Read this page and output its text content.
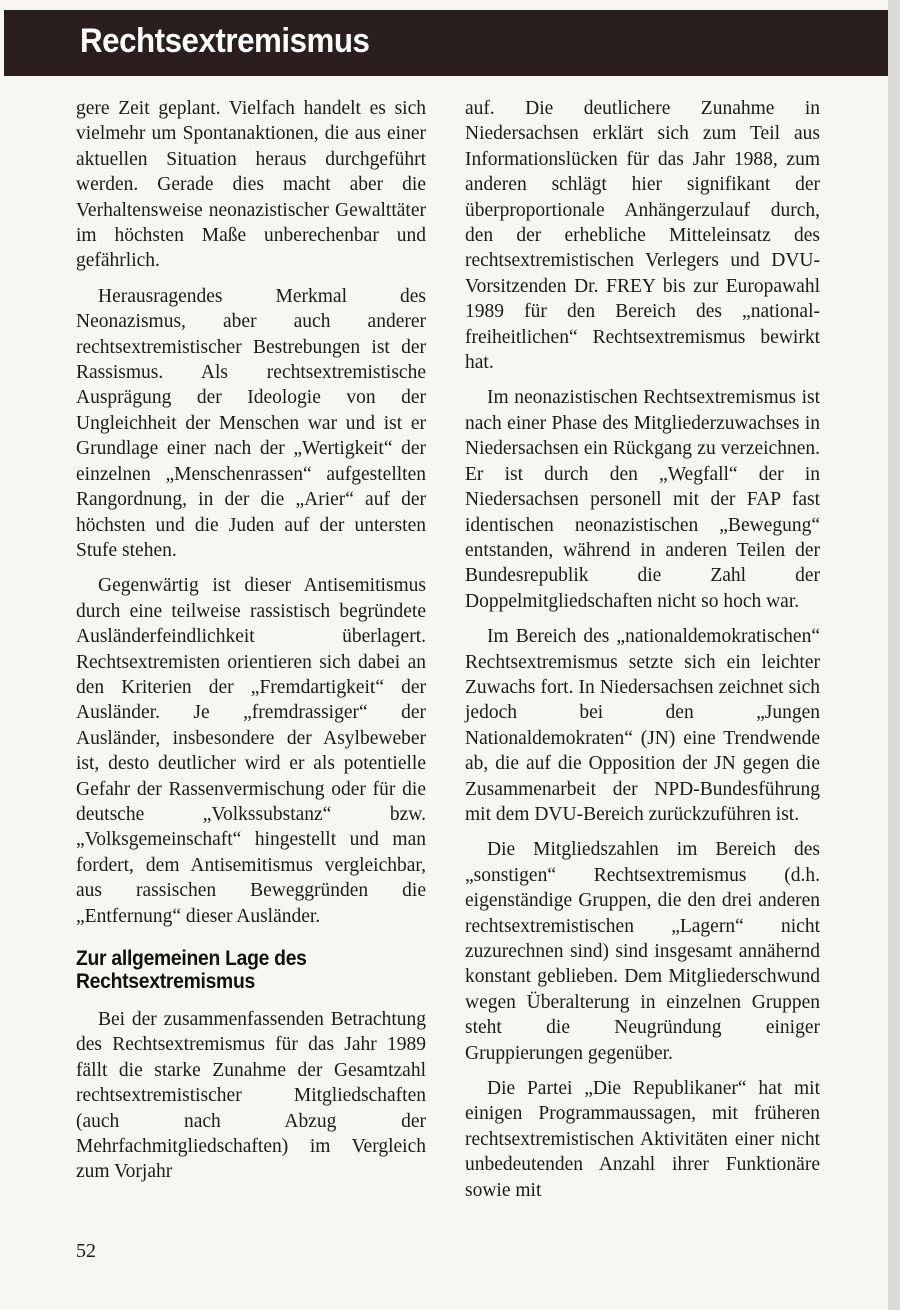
Rechtsextremismus

gere Zeit geplant. Vielfach handelt es sich vielmehr um Spontanaktionen, die aus einer aktuellen Situation heraus durchgeführt werden. Gerade dies macht aber die Verhaltensweise neonazistischer Gewalttäter im höchsten Maße unberechenbar und gefährlich.

Herausragendes Merkmal des Neonazismus, aber auch anderer rechtsextremistischer Bestrebungen ist der Rassismus. Als rechtsextremistische Ausprägung der Ideologie von der Ungleichheit der Menschen war und ist er Grundlage einer nach der „Wertigkeit“ der einzelnen „Menschenrassen“ aufgestellten Rangordnung, in der die „Arier“ auf der höchsten und die Juden auf der untersten Stufe stehen.

Gegenwärtig ist dieser Antisemitismus durch eine teilweise rassistisch begründete Ausländerfeindlichkeit überlagert. Rechtsextremisten orientieren sich dabei an den Kriterien der „Fremdartigkeit“ der Ausländer. Je „fremdrassiger“ der Ausländer, insbesondere der Asylbeweber ist, desto deutlicher wird er als potentielle Gefahr der Rassenvermischung oder für die deutsche „Volkssubstanz“ bzw. „Volksgemeinschaft“ hingestellt und man fordert, dem Antisemitismus vergleichbar, aus rassischen Beweggründen die „Entfernung“ dieser Ausländer.

Zur allgemeinen Lage des Rechtsextremismus

Bei der zusammenfassenden Betrachtung des Rechtsextremismus für das Jahr 1989 fällt die starke Zunahme der Gesamtzahl rechtsextremistischer Mitgliedschaften (auch nach Abzug der Mehrfachmitgliedschaften) im Vergleich zum Vorjahr

auf. Die deutlichere Zunahme in Niedersachsen erklärt sich zum Teil aus Informationslücken für das Jahr 1988, zum anderen schlägt hier signifikant der überproportionale Anhängerzulauf durch, den der erhebliche Mitteleinsatz des rechtsextremistischen Verlegers und DVU-Vorsitzenden Dr. FREY bis zur Europawahl 1989 für den Bereich des „national-freiheitlichen“ Rechtsextremismus bewirkt hat.

Im neonazistischen Rechtsextremismus ist nach einer Phase des Mitgliederzuwachses in Niedersachsen ein Rückgang zu verzeichnen. Er ist durch den „Wegfall“ der in Niedersachsen personell mit der FAP fast identischen neonazistischen „Bewegung“ entstanden, während in anderen Teilen der Bundesrepublik die Zahl der Doppelmitgliedschaften nicht so hoch war.

Im Bereich des „nationaldemokratischen“ Rechtsextremismus setzte sich ein leichter Zuwachs fort. In Niedersachsen zeichnet sich jedoch bei den „Jungen Nationaldemokraten“ (JN) eine Trendwende ab, die auf die Opposition der JN gegen die Zusammenarbeit der NPD-Bundesführung mit dem DVU-Bereich zurückzuführen ist.

Die Mitgliedszahlen im Bereich des „sonstigen“ Rechtsextremismus (d.h. eigenständige Gruppen, die den drei anderen rechtsextremistischen „Lagern“ nicht zuzurechnen sind) sind insgesamt annähernd konstant geblieben. Dem Mitgliederschwund wegen Überalterung in einzelnen Gruppen steht die Neugründung einiger Gruppierungen gegenüber.

Die Partei „Die Republikaner“ hat mit einigen Programmaussagen, mit früheren rechtsextremistischen Aktivitäten einer nicht unbedeutenden Anzahl ihrer Funktionäre sowie mit

52
